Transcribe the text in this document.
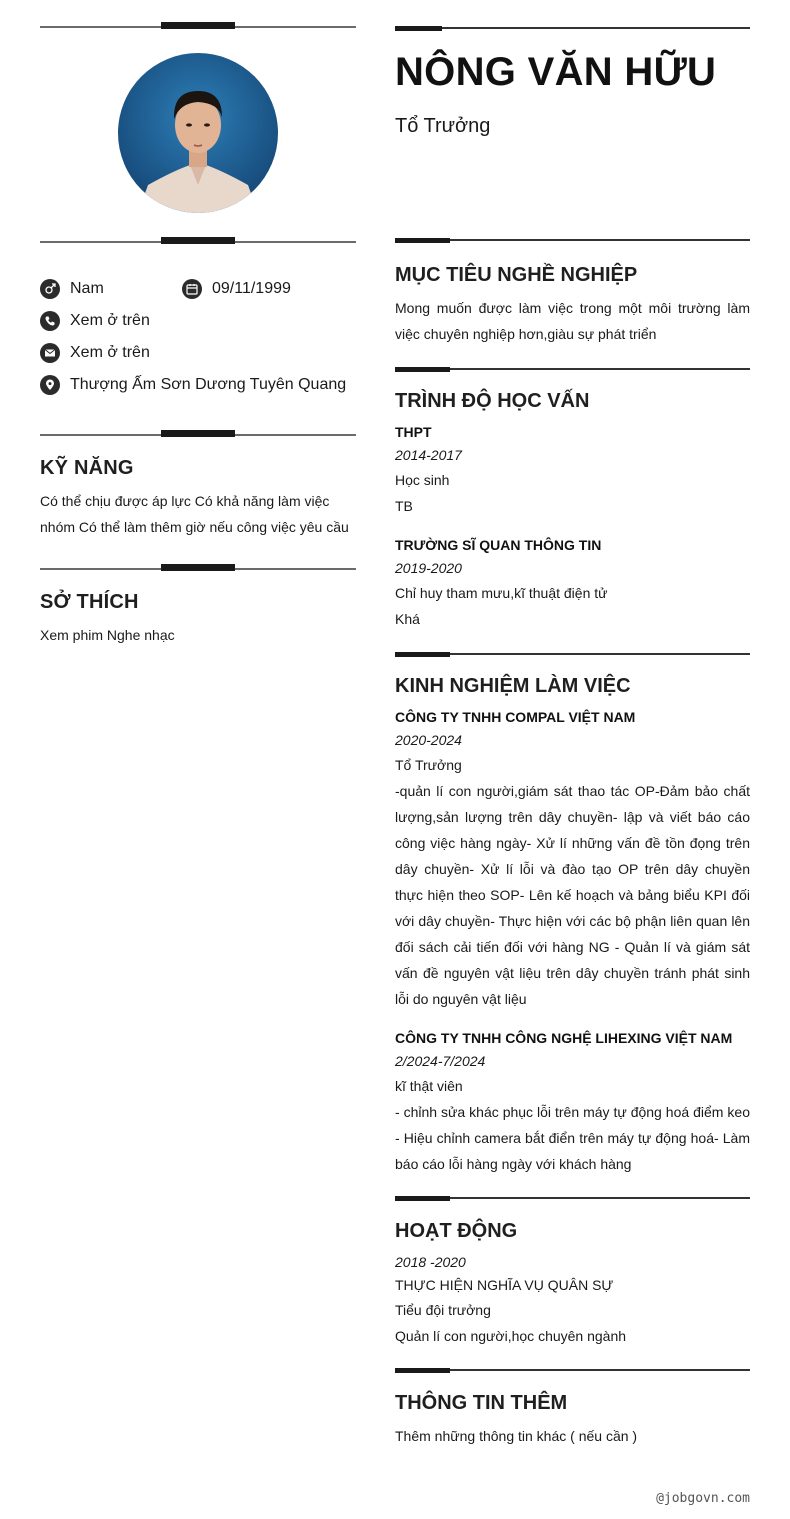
Nam	09/11/1999
Xem ở trên
Xem ở trên
Thượng Ấm Sơn Dương Tuyên Quang
KỸ NĂNG
Có thể chịu được áp lực Có khả năng làm việc nhóm Có thể làm thêm giờ nếu công việc yêu cầu
SỞ THÍCH
Xem phim Nghe nhạc
NÔNG VĂN HỮU
Tổ Trưởng
MỤC TIÊU NGHỀ NGHIỆP
Mong muốn được làm việc trong một môi trường làm việc chuyên nghiệp hơn,giàu sự phát triển
TRÌNH ĐỘ HỌC VẤN
THPT
2014-2017
Học sinh
TB
TRƯỜNG SĨ QUAN THÔNG TIN
2019-2020
Chỉ huy tham mưu,kĩ thuật điện tử
Khá
KINH NGHIỆM LÀM VIỆC
CÔNG TY TNHH COMPAL VIỆT NAM
2020-2024
Tổ Trưởng
-quản lí con người,giám sát thao tác OP-Đảm bảo chất lượng,sản lượng trên dây chuyền- lập và viết báo cáo công việc hàng ngày- Xử lí những vấn đề tồn đọng trên dây chuyền- Xử lí lỗi và đào tạo OP trên dây chuyền thực hiện theo SOP- Lên kế hoạch và bảng biểu KPI đối với dây chuyền- Thực hiện với các bộ phận liên quan lên đối sách cải tiến đối với hàng NG - Quản lí và giám sát vấn đề nguyên vật liệu trên dây chuyền tránh phát sinh lỗi do nguyên vật liệu
CÔNG TY TNHH CÔNG NGHỆ LIHEXING VIỆT NAM
2/2024-7/2024
kĩ thật viên
- chỉnh sửa khác phục lỗi trên máy tự động hoá điểm keo - Hiệu chỉnh camera bắt điển trên máy tự động hoá- Làm báo cáo lỗi hàng ngày với khách hàng
HOẠT ĐỘNG
2018 -2020
THỰC HIỆN NGHĨA VỤ QUÂN SỰ
Tiểu đội trưởng
Quản lí con người,học chuyên ngành
THÔNG TIN THÊM
Thêm những thông tin khác ( nếu cần )
@jobgovn.com
